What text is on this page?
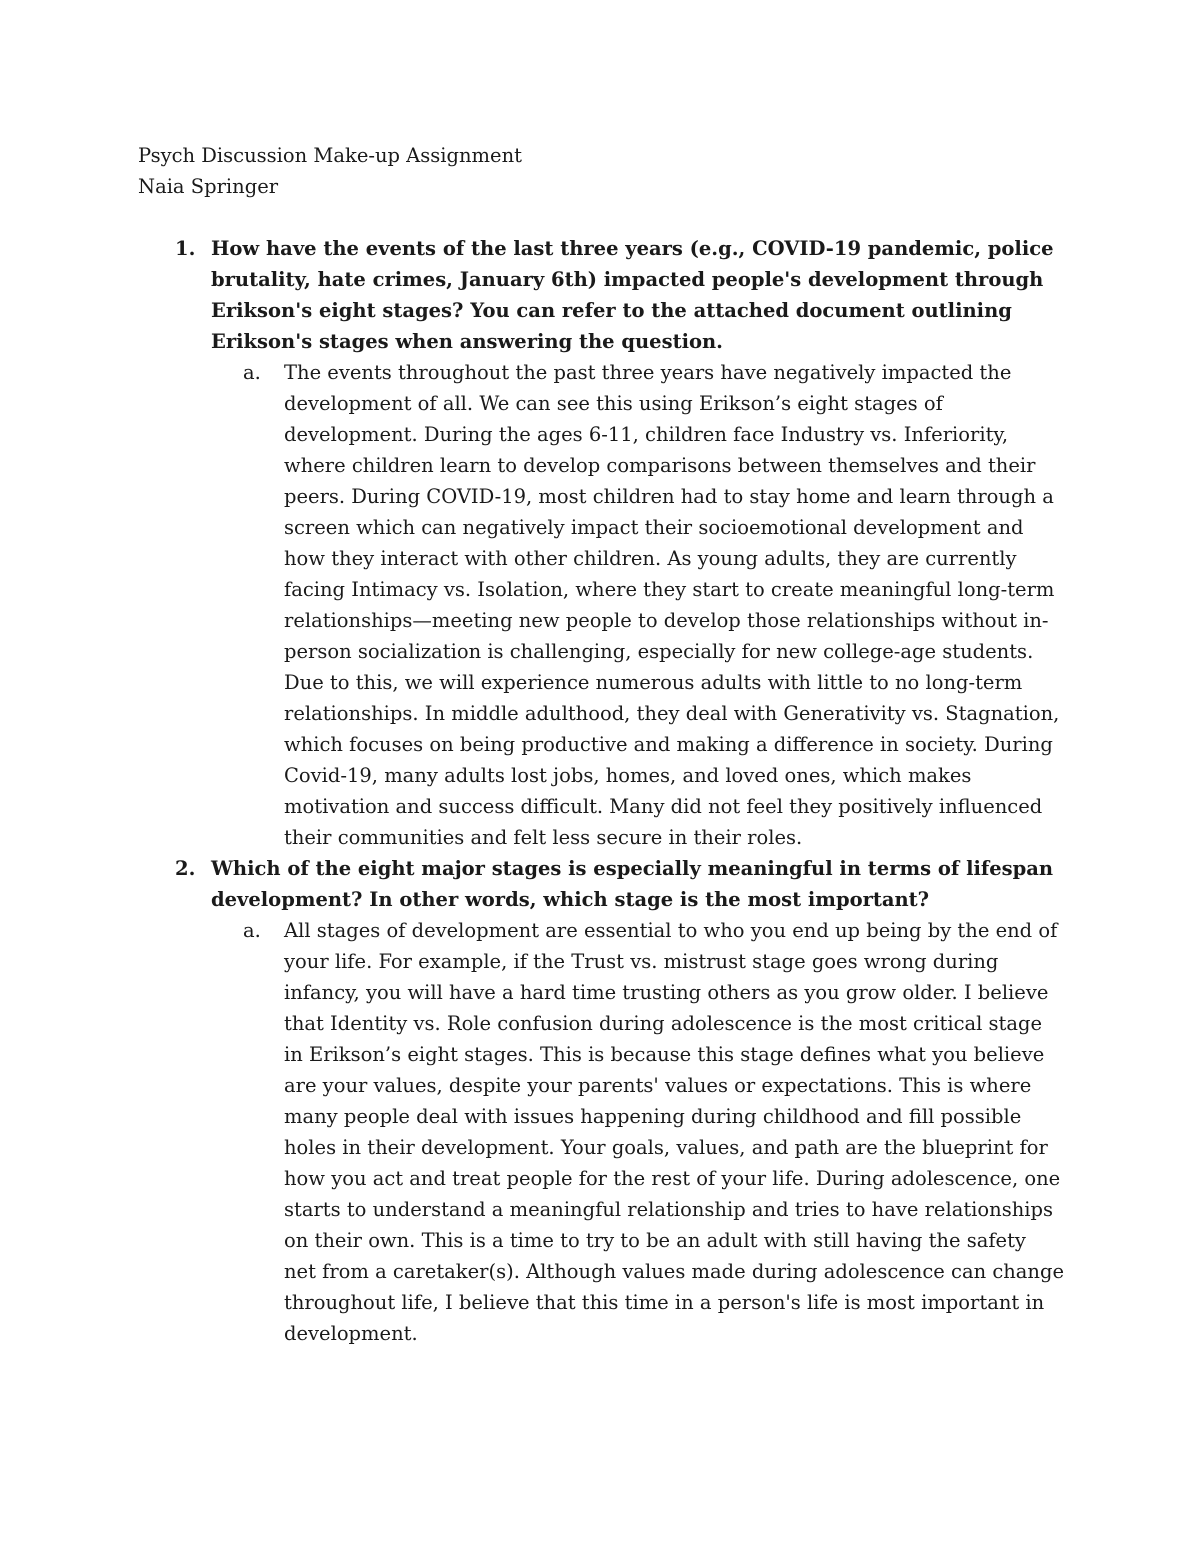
Psych Discussion Make-up Assignment

Naia Springer

1. How have the events of the last three years (e.g., COVID-19 pandemic, police brutality, hate crimes, January 6th) impacted people's development through Erikson's eight stages? You can refer to the attached document outlining Erikson's stages when answering the question.

a. The events throughout the past three years have negatively impacted the development of all. We can see this using Erikson’s eight stages of development. During the ages 6-11, children face Industry vs. Inferiority, where children learn to develop comparisons between themselves and their peers. During COVID-19, most children had to stay home and learn through a screen which can negatively impact their socioemotional development and how they interact with other children. As young adults, they are currently facing Intimacy vs. Isolation, where they start to create meaningful long-term relationships—meeting new people to develop those relationships without in-person socialization is challenging, especially for new college-age students. Due to this, we will experience numerous adults with little to no long-term relationships. In middle adulthood, they deal with Generativity vs. Stagnation, which focuses on being productive and making a difference in society. During Covid-19, many adults lost jobs, homes, and loved ones, which makes motivation and success difficult. Many did not feel they positively influenced their communities and felt less secure in their roles.

2. Which of the eight major stages is especially meaningful in terms of lifespan development? In other words, which stage is the most important?

a. All stages of development are essential to who you end up being by the end of your life. For example, if the Trust vs. mistrust stage goes wrong during infancy, you will have a hard time trusting others as you grow older. I believe that Identity vs. Role confusion during adolescence is the most critical stage in Erikson’s eight stages. This is because this stage defines what you believe are your values, despite your parents' values or expectations. This is where many people deal with issues happening during childhood and fill possible holes in their development. Your goals, values, and path are the blueprint for how you act and treat people for the rest of your life. During adolescence, one starts to understand a meaningful relationship and tries to have relationships on their own. This is a time to try to be an adult with still having the safety net from a caretaker(s). Although values made during adolescence can change throughout life, I believe that this time in a person's life is most important in development.
